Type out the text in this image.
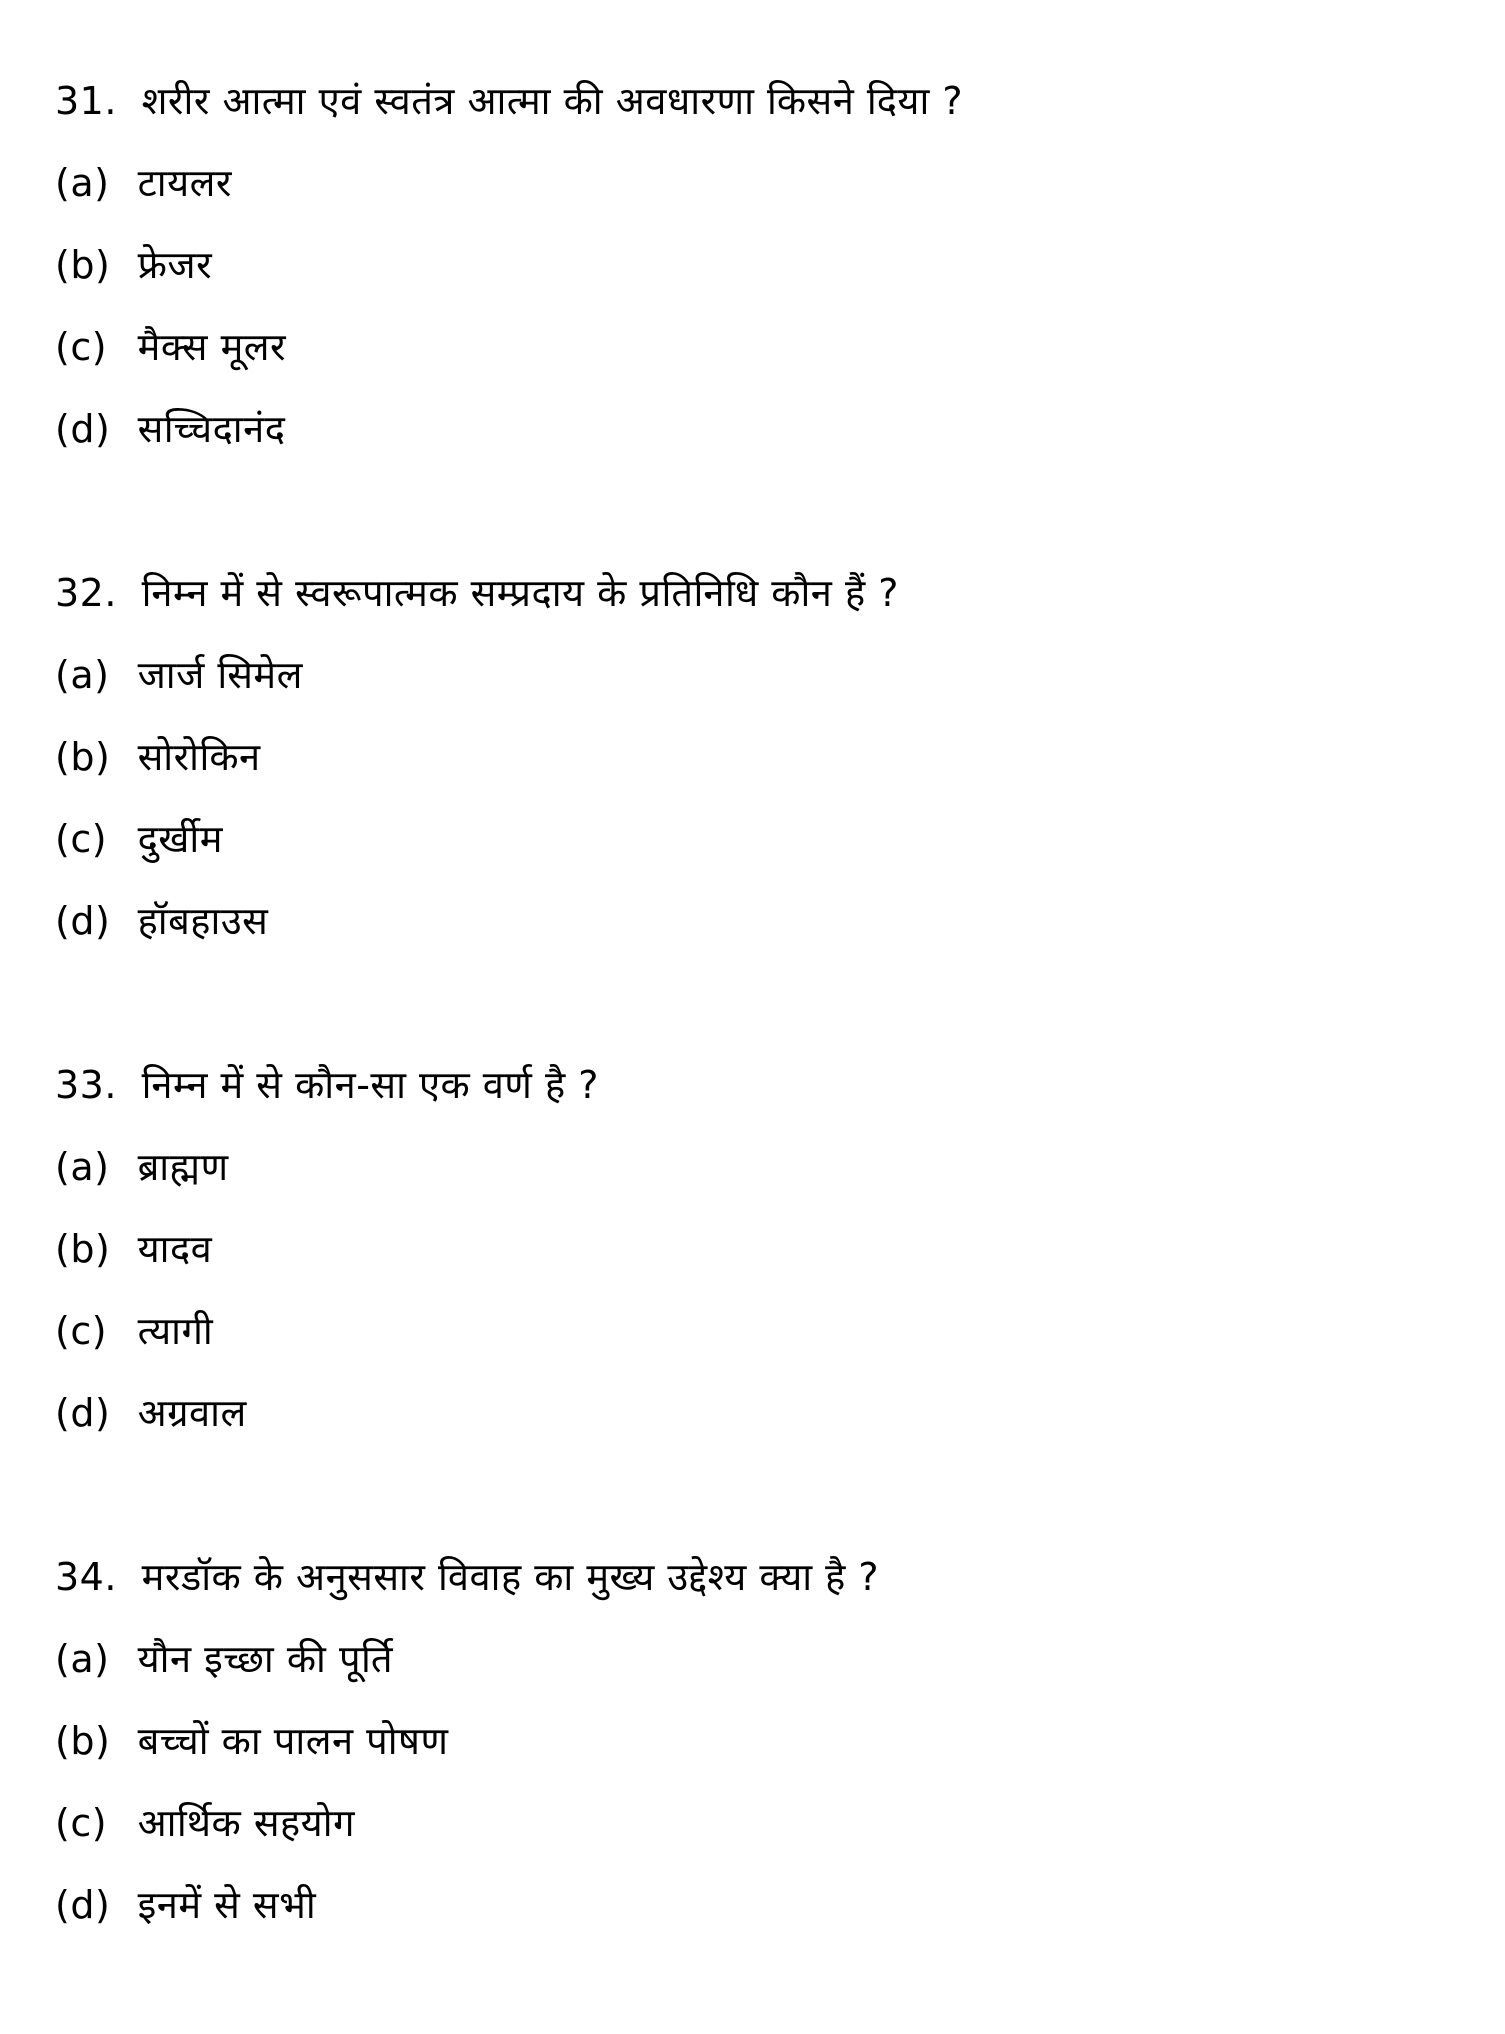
31. शरीर आत्मा एवं स्वतंत्र आत्मा की अवधारणा किसने दिया ?
(a) टायलर
(b) फ्रेजर
(c) मैक्स मूलर
(d) सच्चिदानंद
32. निम्न में से स्वरूपात्मक सम्प्रदाय के प्रतिनिधि कौन हैं ?
(a) जार्ज सिमेल
(b) सोरोकिन
(c) दुर्खीम
(d) हॉबहाउस
33. निम्न में से कौन-सा एक वर्ण है ?
(a) ब्राह्मण
(b) यादव
(c) त्यागी
(d) अग्रवाल
34. मरडॉक के अनुससार विवाह का मुख्य उद्देश्य क्या है ?
(a) यौन इच्छा की पूर्ति
(b) बच्चों का पालन पोषण
(c) आर्थिक सहयोग
(d) इनमें से सभी
